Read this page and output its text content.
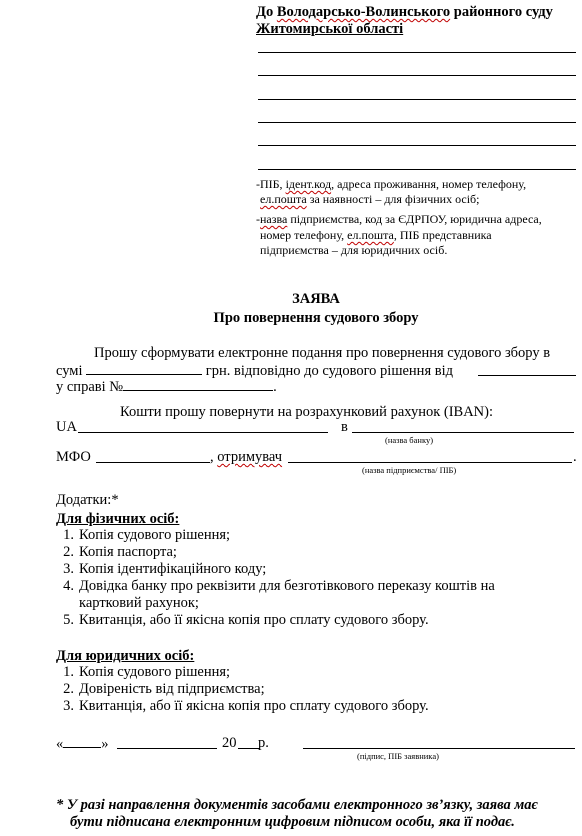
До Володарсько-Волинського районного суду
Житомирської області
-ПІБ, ідент.код, адреса проживання, номер телефону,
ел.пошта за наявності – для фізичних осіб;
-назва підприємства, код за ЄДРПОУ, юридична адреса,
номер телефону, ел.пошта, ПІБ представника
підприємства – для юридичних осіб.
ЗАЯВА
Про повернення судового збору
Прошу сформувати електронне подання про повернення судового збору в
сумі	грн. відповідно до судового рішення від
у справі №	.
Кошти прошу повернути на розрахунковий рахунок (IBAN):
UA	в
(назва банку)
МФО	, отримувач	.
(назва підприємства/ ПІБ)
Додатки:*
Для фізичних осіб:
1. Копія судового рішення;
2. Копія паспорта;
3. Копія ідентифікаційного коду;
4. Довідка банку про реквізити для безготівкового переказу коштів на
картковий рахунок;
5. Квитанція, або її якісна копія про сплату судового збору.
Для юридичних осіб:
1. Копія судового рішення;
2. Довіреність від підприємства;
3. Квитанція, або її якісна копія про сплату судового збору.
«	»	20 р.
(підпис, ПІБ заявника)
* У разі направлення документів засобами електронного зв’язку, заява має
бути підписана електронним цифровим підписом особи, яка її подає.
